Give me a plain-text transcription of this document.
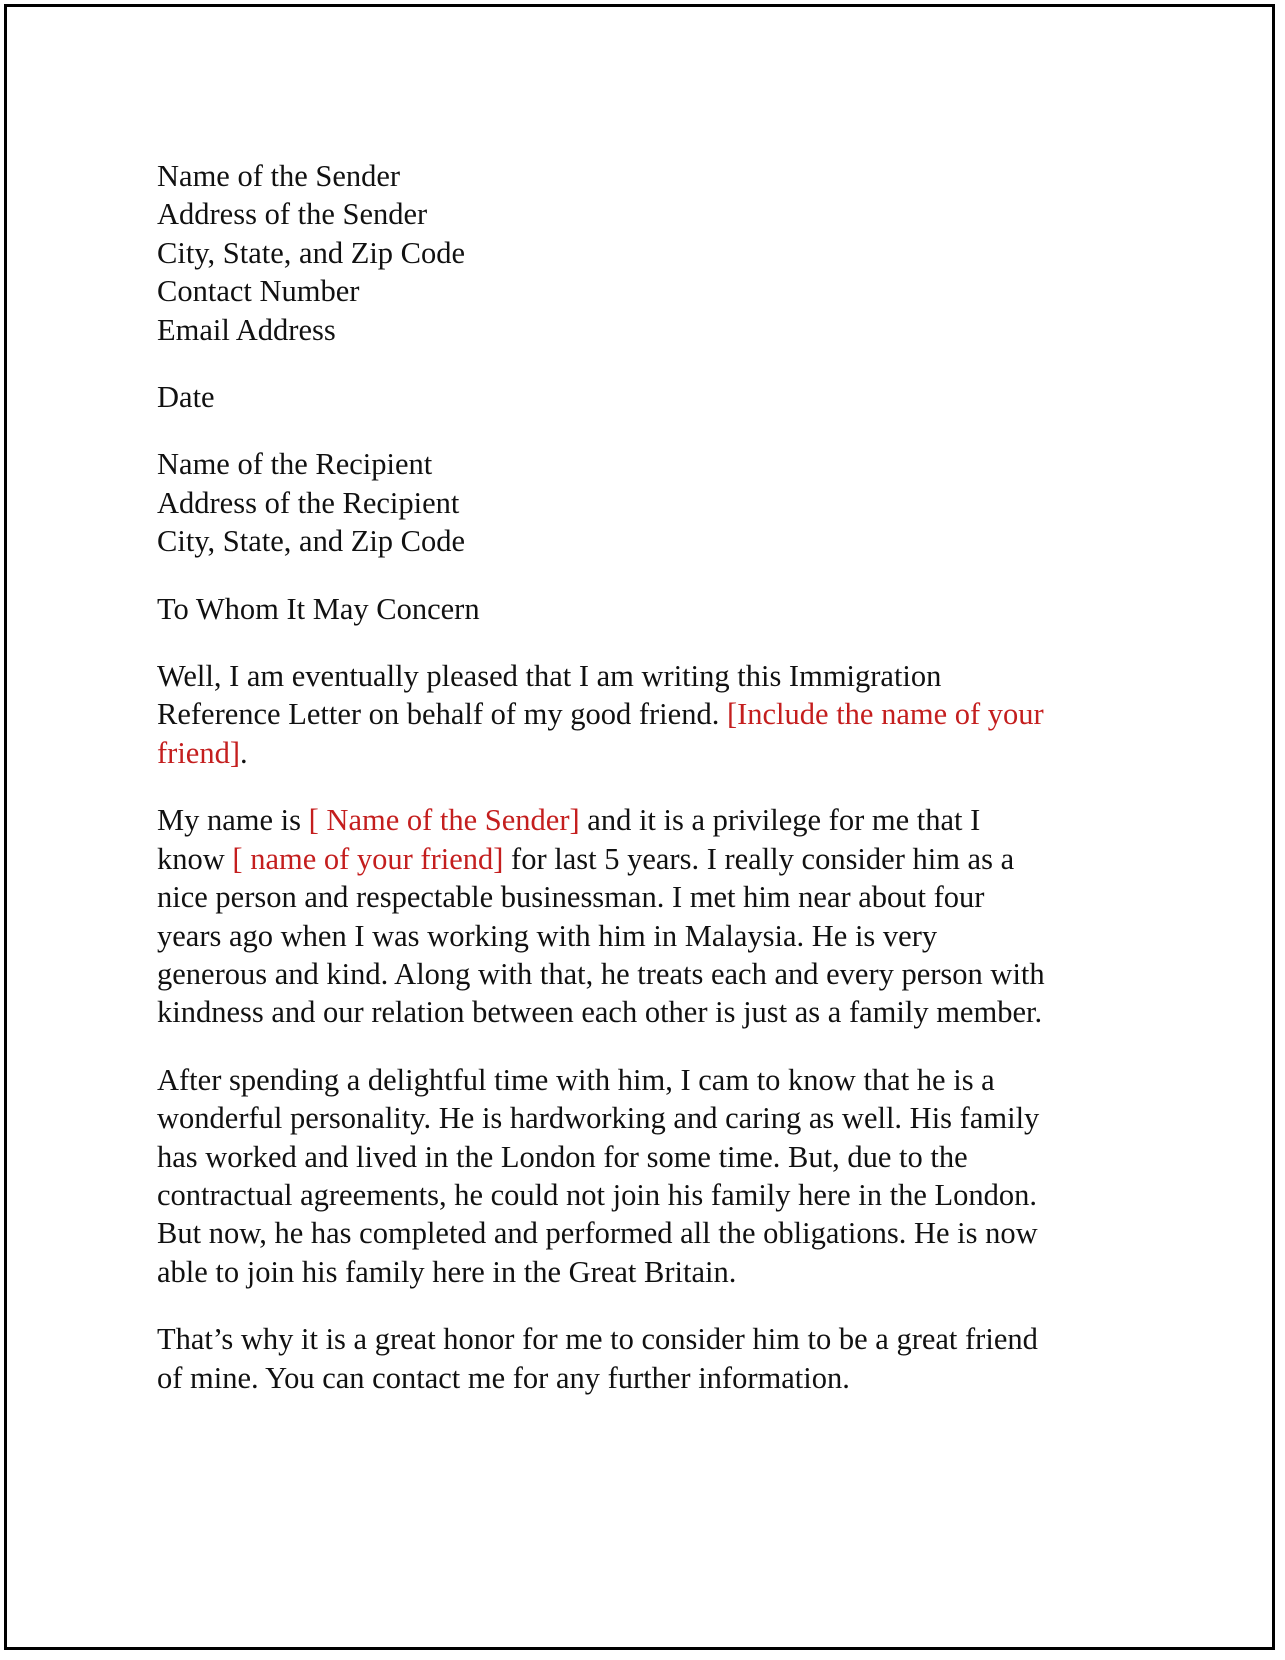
Name of the Sender
Address of the Sender
City, State, and Zip Code
Contact Number
Email Address
Date
Name of the Recipient
Address of the Recipient
City, State, and Zip Code
To Whom It May Concern

Well, I am eventually pleased that I am writing this Immigration
Reference Letter on behalf of my good friend. [Include the name of your
friend].

My name is [ Name of the Sender] and it is a privilege for me that I
know [ name of your friend] for last 5 years. I really consider him as a
nice person and respectable businessman. I met him near about four
years ago when I was working with him in Malaysia. He is very
generous and kind. Along with that, he treats each and every person with
kindness and our relation between each other is just as a family member.

After spending a delightful time with him, I cam to know that he is a
wonderful personality. He is hardworking and caring as well. His family
has worked and lived in the London for some time. But, due to the
contractual agreements, he could not join his family here in the London.
But now, he has completed and performed all the obligations. He is now
able to join his family here in the Great Britain.

That’s why it is a great honor for me to consider him to be a great friend
of mine. You can contact me for any further information.
